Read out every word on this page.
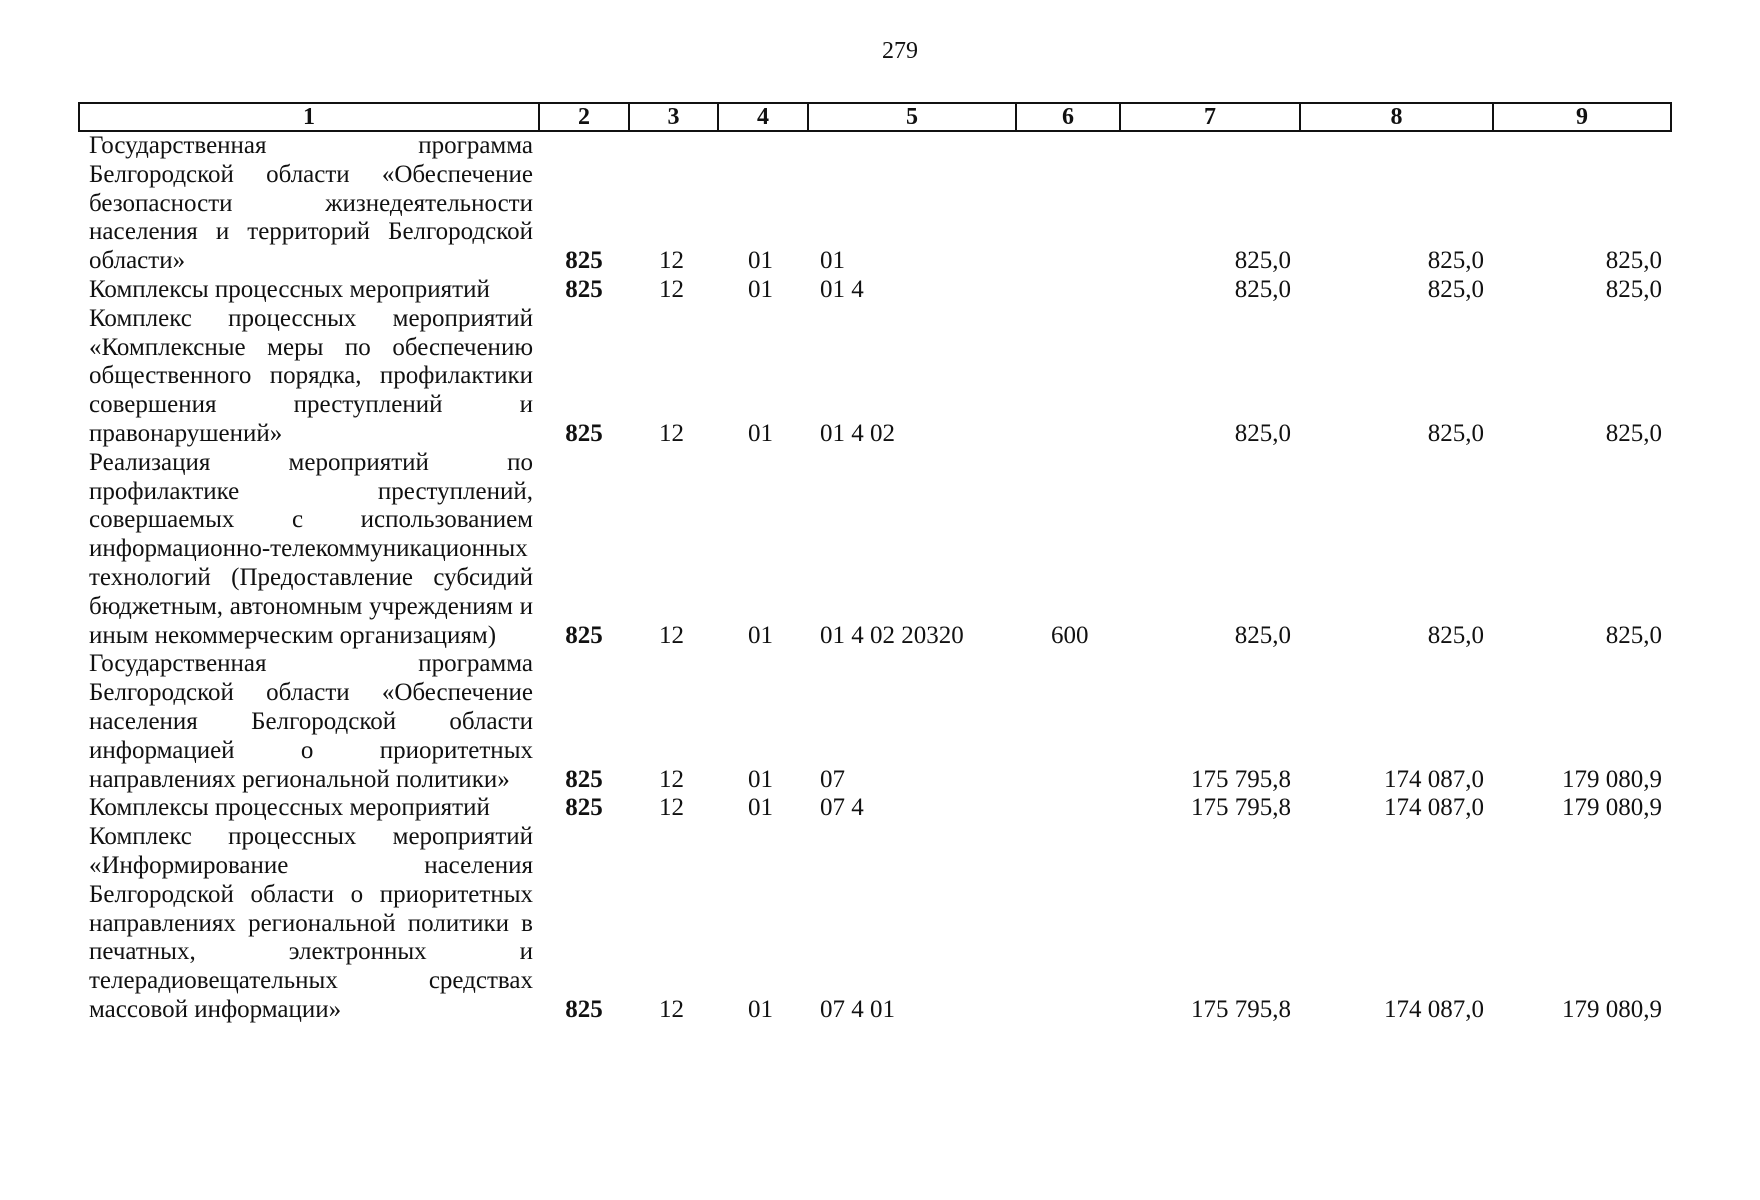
279
1	2	3	4	5	6	7	8	9
Государственная программа Белгородской области «Обеспечение безопасности жизнедеятельности населения и территорий Белгородской области»	825	12	01	01		825,0	825,0	825,0
Комплексы процессных мероприятий	825	12	01	01 4		825,0	825,0	825,0
Комплекс процессных мероприятий «Комплексные меры по обеспечению общественного порядка, профилактики совершения преступлений и правонарушений»	825	12	01	01 4 02		825,0	825,0	825,0
Реализация мероприятий по профилактике преступлений, совершаемых с использованием информационно-телекоммуникационных технологий (Предоставление субсидий бюджетным, автономным учреждениям и иным некоммерческим организациям)	825	12	01	01 4 02 20320	600	825,0	825,0	825,0
Государственная программа Белгородской области «Обеспечение населения Белгородской области информацией о приоритетных направлениях региональной политики»	825	12	01	07		175 795,8	174 087,0	179 080,9
Комплексы процессных мероприятий	825	12	01	07 4		175 795,8	174 087,0	179 080,9
Комплекс процессных мероприятий «Информирование населения Белгородской области о приоритетных направлениях региональной политики в печатных, электронных и телерадиовещательных средствах массовой информации»	825	12	01	07 4 01		175 795,8	174 087,0	179 080,9
